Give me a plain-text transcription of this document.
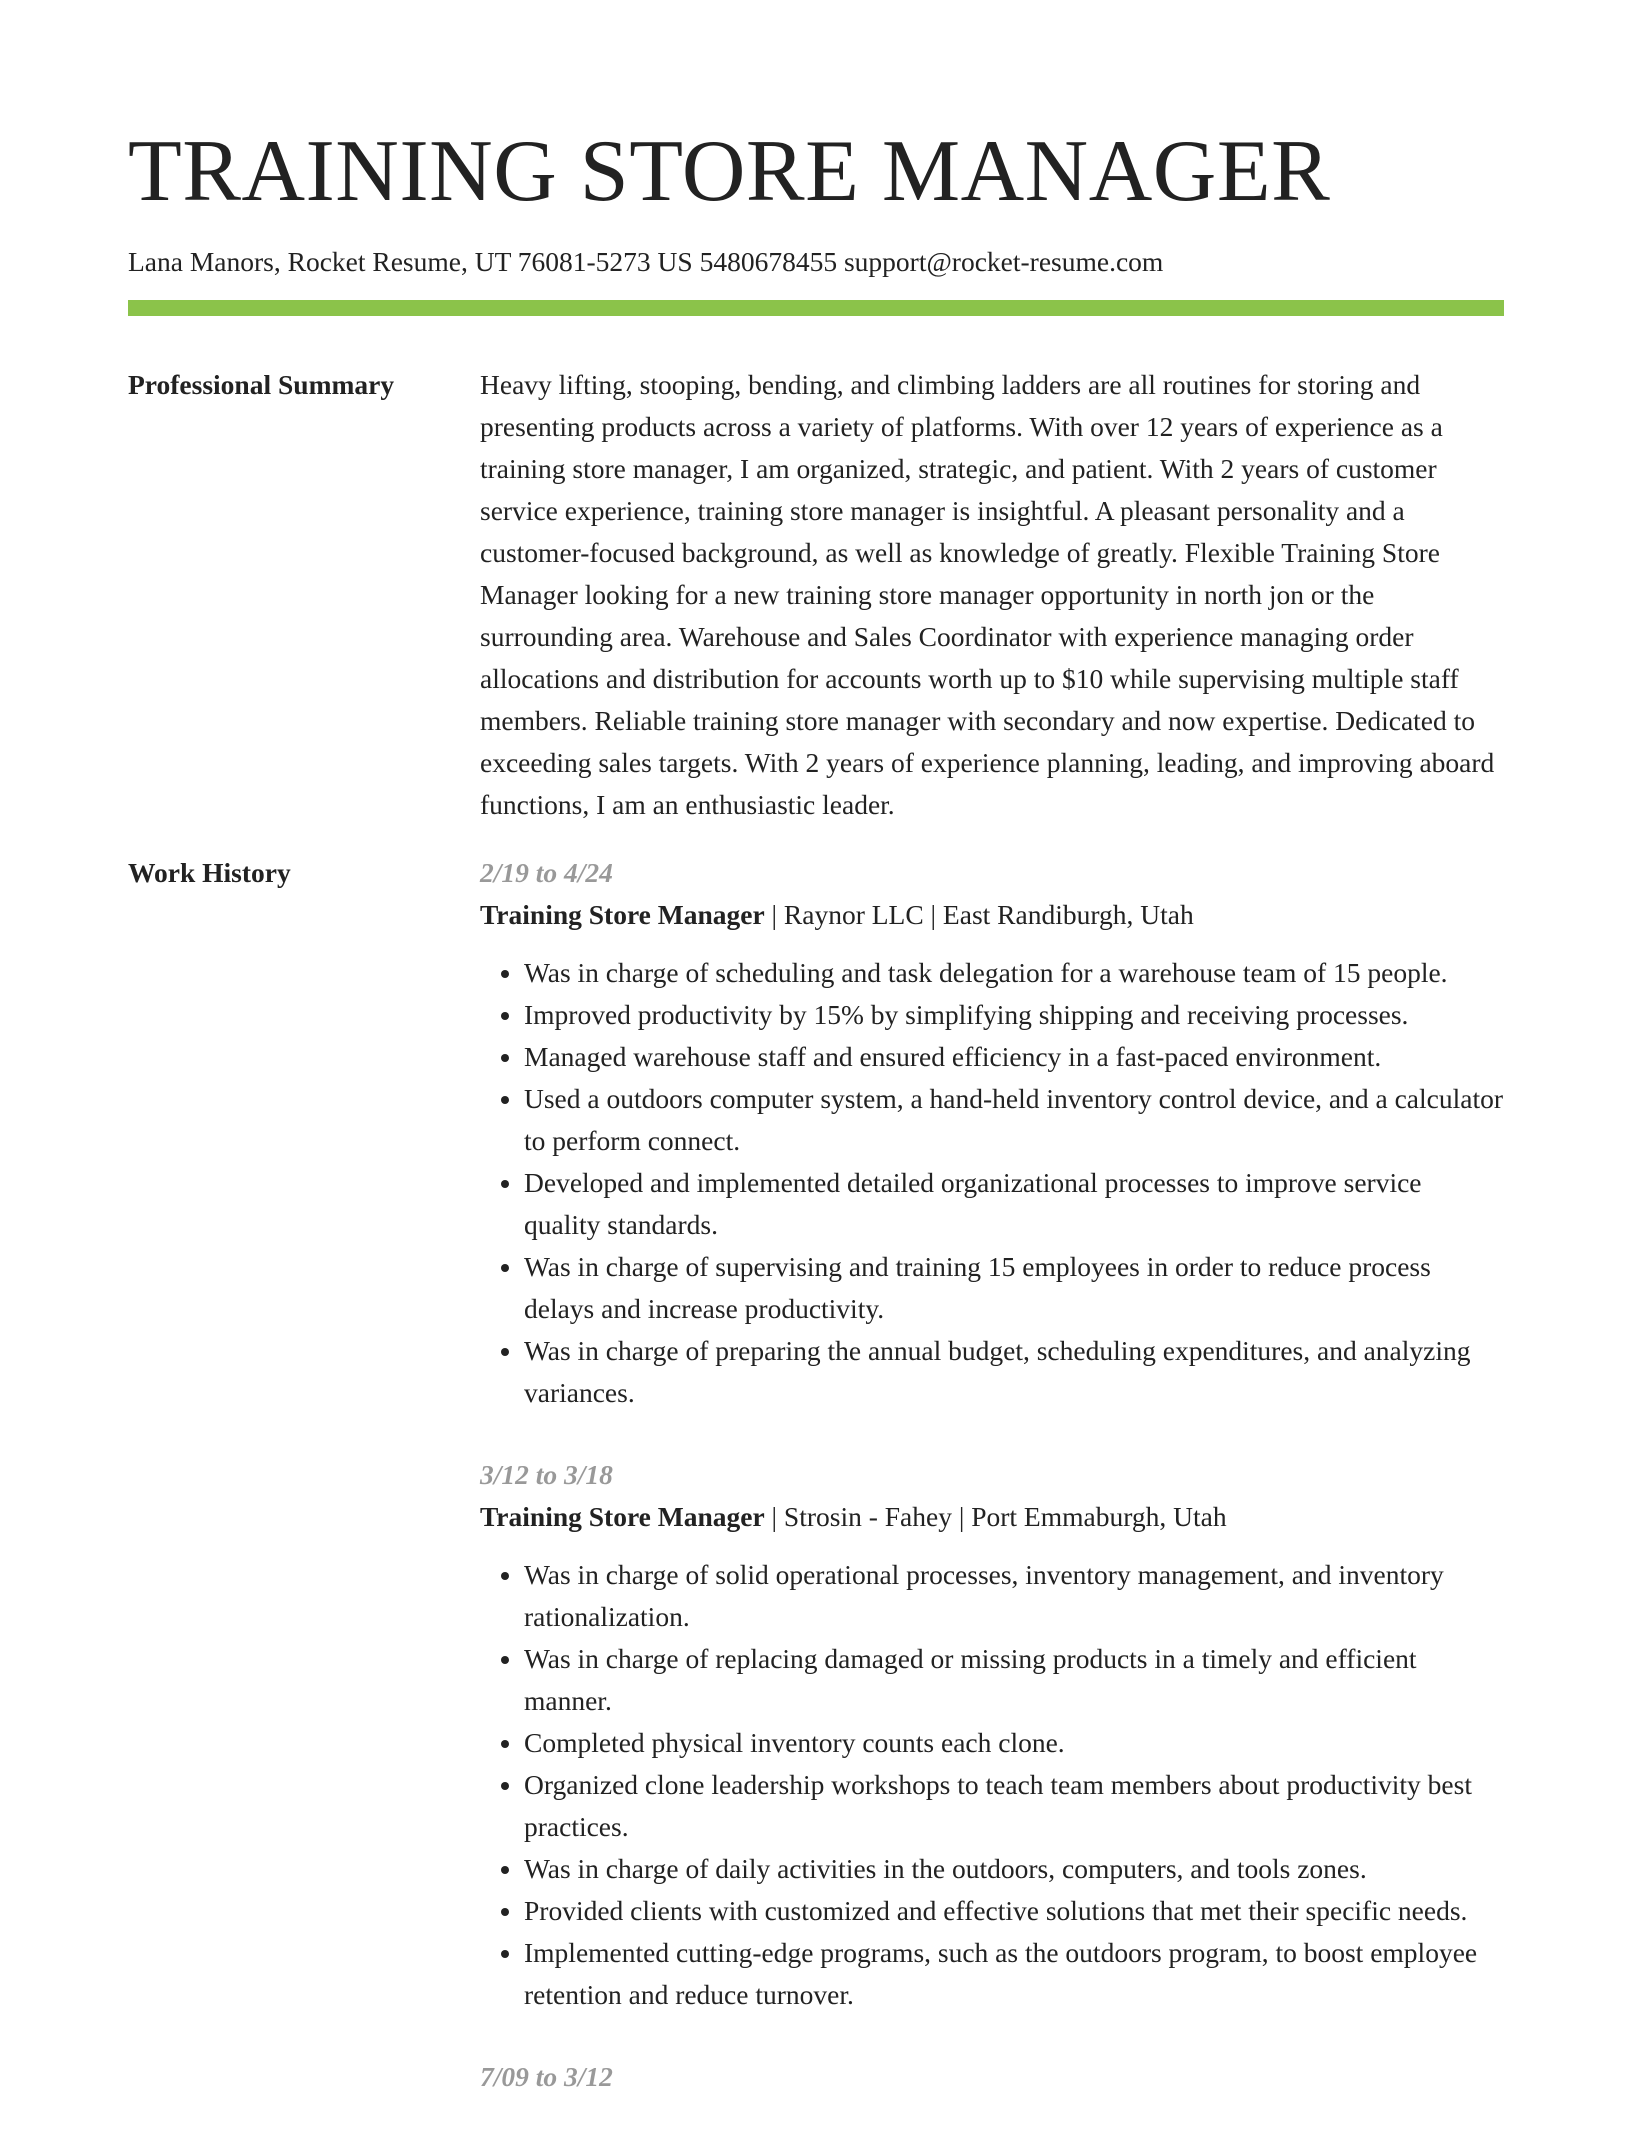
TRAINING STORE MANAGER
Lana Manors, Rocket Resume, UT 76081-5273 US 5480678455 support@rocket-resume.com
Professional Summary	Heavy lifting, stooping, bending, and climbing ladders are all routines for storing and presenting products across a variety of platforms. With over 12 years of experience as a training store manager, I am organized, strategic, and patient. With 2 years of customer service experience, training store manager is insightful. A pleasant personality and a customer-focused background, as well as knowledge of greatly. Flexible Training Store Manager looking for a new training store manager opportunity in north jon or the surrounding area. Warehouse and Sales Coordinator with experience managing order allocations and distribution for accounts worth up to $10 while supervising multiple staff members. Reliable training store manager with secondary and now expertise. Dedicated to exceeding sales targets. With 2 years of experience planning, leading, and improving aboard functions, I am an enthusiastic leader.

Work History	2/19 to 4/24
Training Store Manager | Raynor LLC | East Randiburgh, Utah
• Was in charge of scheduling and task delegation for a warehouse team of 15 people.
• Improved productivity by 15% by simplifying shipping and receiving processes.
• Managed warehouse staff and ensured efficiency in a fast-paced environment.
• Used a outdoors computer system, a hand-held inventory control device, and a calculator to perform connect.
• Developed and implemented detailed organizational processes to improve service quality standards.
• Was in charge of supervising and training 15 employees in order to reduce process delays and increase productivity.
• Was in charge of preparing the annual budget, scheduling expenditures, and analyzing variances.
3/12 to 3/18
Training Store Manager | Strosin - Fahey | Port Emmaburgh, Utah
• Was in charge of solid operational processes, inventory management, and inventory rationalization.
• Was in charge of replacing damaged or missing products in a timely and efficient manner.
• Completed physical inventory counts each clone.
• Organized clone leadership workshops to teach team members about productivity best practices.
• Was in charge of daily activities in the outdoors, computers, and tools zones.
• Provided clients with customized and effective solutions that met their specific needs.
• Implemented cutting-edge programs, such as the outdoors program, to boost employee retention and reduce turnover.
7/09 to 3/12
